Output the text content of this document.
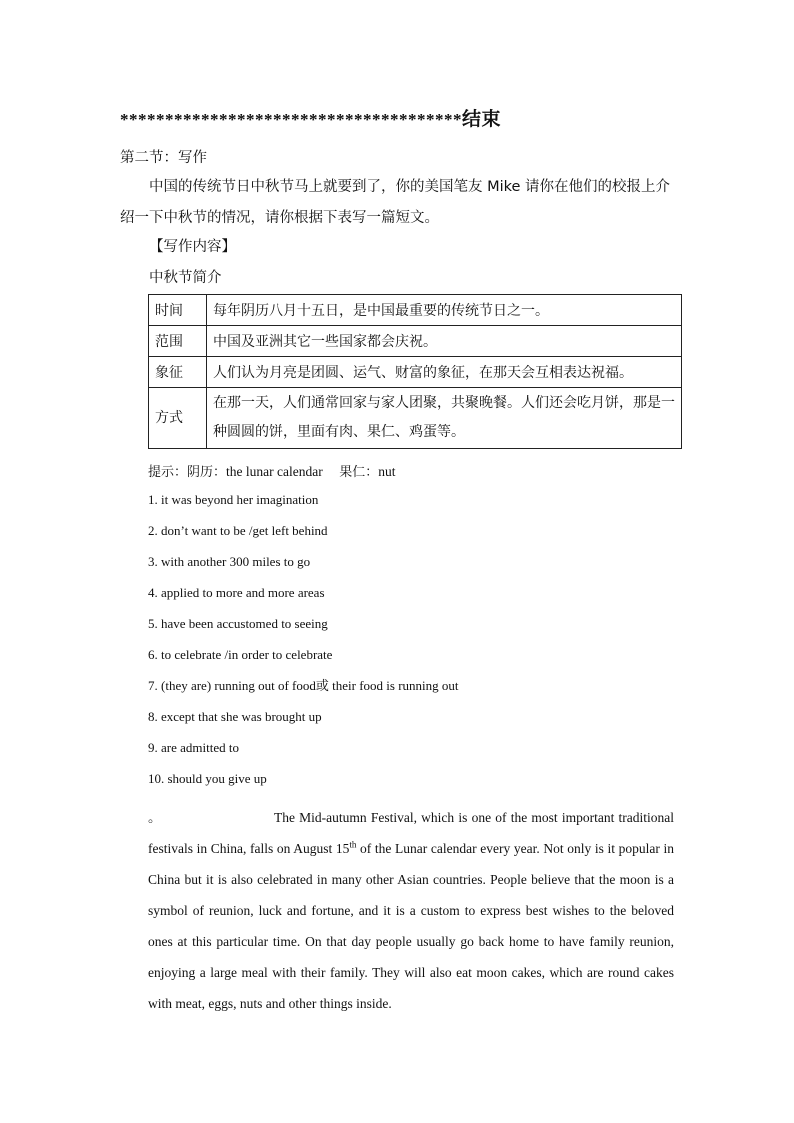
**************************************结束
第二节：写作
中国的传统节日中秋节马上就要到了，你的美国笔友 Mike 请你在他们的校报上介绍一下中秋节的情况，请你根据下表写一篇短文。
【写作内容】
中秋节简介
时间	每年阴历八月十五日，是中国最重要的传统节日之一。
范围	中国及亚洲其它一些国家都会庆祝。
象征	人们认为月亮是团圆、运气、财富的象征，在那天会互相表达祝福。
方式	在那一天，人们通常回家与家人团聚，共聚晚餐。人们还会吃月饼，那是一种圆圆的饼，里面有肉、果仁、鸡蛋等。
提示：阴历：the lunar calendar 果仁：nut
1. it was beyond her imagination
2. don’t want to be /get left behind
3. with another 300 miles to go
4. applied to more and more areas
5. have been accustomed to seeing
6. to celebrate /in order to celebrate
7. (they are) running out of food或 their food is running out
8. except that she was brought up
9. are admitted to
10. should you give up
。	The Mid-autumn Festival, which is one of the most important traditional festivals in China, falls on August 15th of the Lunar calendar every year. Not only is it popular in China but it is also celebrated in many other Asian countries. People believe that the moon is a symbol of reunion, luck and fortune, and it is a custom to express best wishes to the beloved ones at this particular time. On that day people usually go back home to have family reunion, enjoying a large meal with their family. They will also eat moon cakes, which are round cakes with meat, eggs, nuts and other things inside.
